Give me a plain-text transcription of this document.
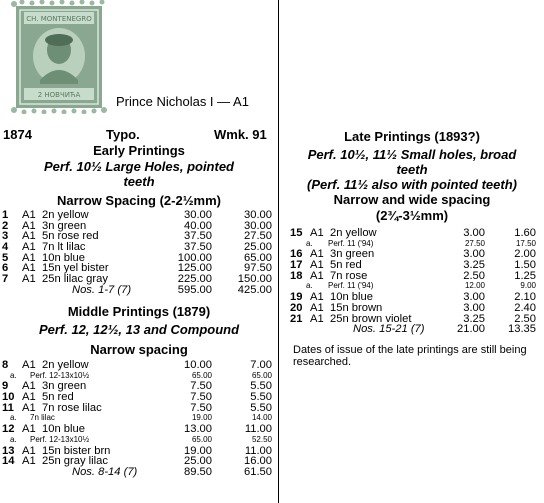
CH. MONTENEGRO
2 НОВЧИЋА	Prince Nicholas I — A1
1874	Typo.	Wmk. 91
Early Printings
Perf. 10½ Large Holes, pointed
teeth
Narrow Spacing (2-2½mm)
1 A1 2n yellow	30.00	30.00
2 A1 3n green	40.00	30.00
3 A1 5n rose red	37.50	27.50
4 A1 7n lt lilac	37.50	25.00
5 A1 10n blue	100.00	65.00
6 A1 15n yel bister	125.00	97.50
7 A1 25n lilac gray	225.00	150.00
Nos. 1-7 (7)	595.00	425.00
Middle Printings (1879)
Perf. 12, 12½, 13 and Compound
Narrow spacing
8 A1 2n yellow	10.00	7.00
a. Perf. 12-13x10½	65.00	65.00
9 A1 3n green	7.50	5.50
10 A1 5n red	7.50	5.50
11 A1 7n rose lilac	7.50	5.50
a. 7n lilac	19.00	14.00
12 A1 10n blue	13.00	11.00
a. Perf. 12-13x10½	65.00	52.50
13 A1 15n bister brn	19.00	11.00
14 A1 25n gray lilac	25.00	16.00
Nos. 8-14 (7)	89.50	61.50
Late Printings (1893?)
Perf. 10½, 11½ Small holes, broad
teeth
(Perf. 11½ also with pointed teeth)
Narrow and wide spacing
(2¾-3½mm)
15 A1 2n yellow	3.00	1.60
a. Perf. 11 ('94)	27.50	17.50
16 A1 3n green	3.00	2.00
17 A1 5n red	3.25	1.50
18 A1 7n rose	2.50	1.25
a. Perf. 11 ('94)	12.00	9.00
19 A1 10n blue	3.00	2.10
20 A1 15n brown	3.00	2.40
21 A1 25n brown violet	3.25	2.50
Nos. 15-21 (7)	21.00	13.35
Dates of issue of the late printings are still being researched.
